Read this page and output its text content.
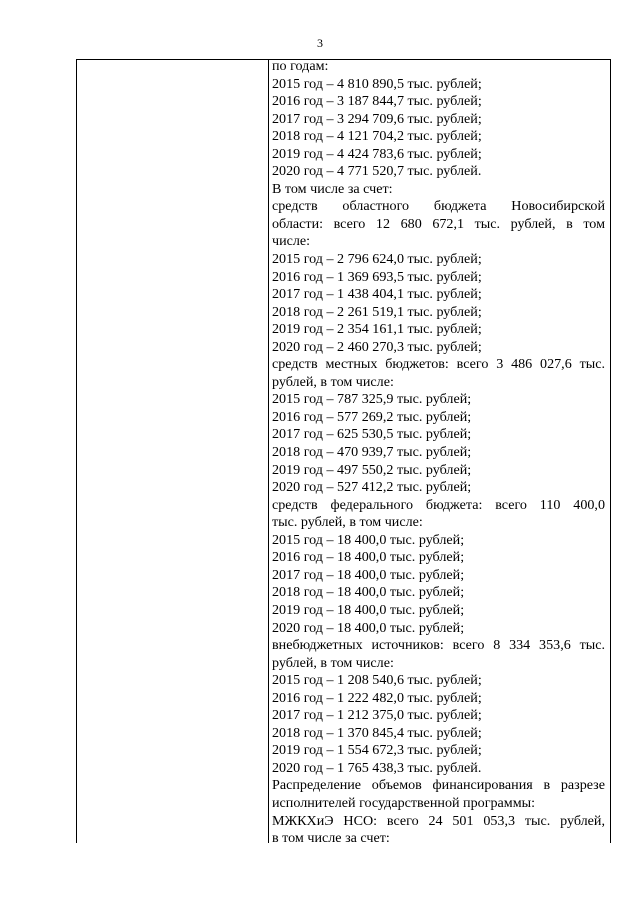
3
по годам:
2015 год – 4 810 890,5 тыс. рублей;
2016 год – 3 187 844,7 тыс. рублей;
2017 год – 3 294 709,6 тыс. рублей;
2018 год – 4 121 704,2 тыс. рублей;
2019 год – 4 424 783,6 тыс. рублей;
2020 год – 4 771 520,7 тыс. рублей.
В том числе за счет:
средств областного бюджета Новосибирской
области: всего 12 680 672,1 тыс. рублей, в том
числе:
2015 год – 2 796 624,0 тыс. рублей;
2016 год – 1 369 693,5 тыс. рублей;
2017 год – 1 438 404,1 тыс. рублей;
2018 год – 2 261 519,1 тыс. рублей;
2019 год – 2 354 161,1 тыс. рублей;
2020 год – 2 460 270,3 тыс. рублей;
средств местных бюджетов: всего 3 486 027,6 тыс.
рублей, в том числе:
2015 год – 787 325,9 тыс. рублей;
2016 год – 577 269,2 тыс. рублей;
2017 год – 625 530,5 тыс. рублей;
2018 год – 470 939,7 тыс. рублей;
2019 год – 497 550,2 тыс. рублей;
2020 год – 527 412,2 тыс. рублей;
средств федерального бюджета: всего 110 400,0
тыс. рублей, в том числе:
2015 год – 18 400,0 тыс. рублей;
2016 год – 18 400,0 тыс. рублей;
2017 год – 18 400,0 тыс. рублей;
2018 год – 18 400,0 тыс. рублей;
2019 год – 18 400,0 тыс. рублей;
2020 год – 18 400,0 тыс. рублей;
внебюджетных источников: всего 8 334 353,6 тыс.
рублей, в том числе:
2015 год – 1 208 540,6 тыс. рублей;
2016 год – 1 222 482,0 тыс. рублей;
2017 год – 1 212 375,0 тыс. рублей;
2018 год – 1 370 845,4 тыс. рублей;
2019 год – 1 554 672,3 тыс. рублей;
2020 год – 1 765 438,3 тыс. рублей.
Распределение объемов финансирования в разрезе
исполнителей государственной программы:
МЖКХиЭ НСО: всего 24 501 053,3 тыс. рублей,
в том числе за счет:
